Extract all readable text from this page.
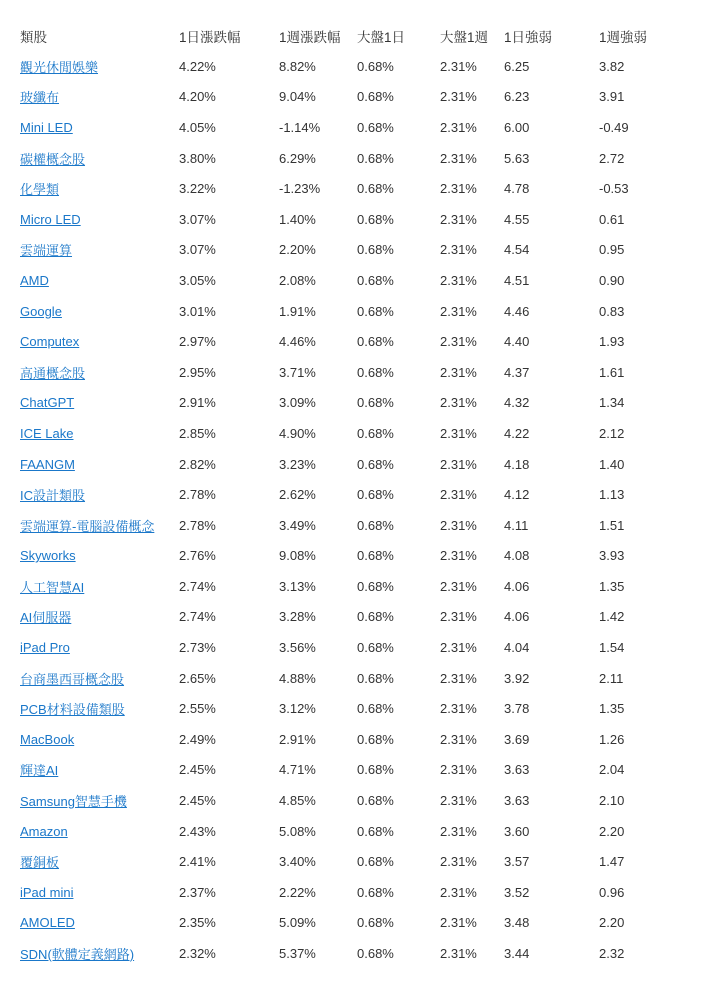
類股	1日漲跌幅	1週漲跌幅	大盤1日	大盤1週	1日強弱	1週強弱
觀光休閒娛樂	4.22%	8.82%	0.68%	2.31%	6.25	3.82
玻纖布	4.20%	9.04%	0.68%	2.31%	6.23	3.91
Mini LED	4.05%	-1.14%	0.68%	2.31%	6.00	-0.49
碳權概念股	3.80%	6.29%	0.68%	2.31%	5.63	2.72
化學類	3.22%	-1.23%	0.68%	2.31%	4.78	-0.53
Micro LED	3.07%	1.40%	0.68%	2.31%	4.55	0.61
雲端運算	3.07%	2.20%	0.68%	2.31%	4.54	0.95
AMD	3.05%	2.08%	0.68%	2.31%	4.51	0.90
Google	3.01%	1.91%	0.68%	2.31%	4.46	0.83
Computex	2.97%	4.46%	0.68%	2.31%	4.40	1.93
高通概念股	2.95%	3.71%	0.68%	2.31%	4.37	1.61
ChatGPT	2.91%	3.09%	0.68%	2.31%	4.32	1.34
ICE Lake	2.85%	4.90%	0.68%	2.31%	4.22	2.12
FAANGM	2.82%	3.23%	0.68%	2.31%	4.18	1.40
IC設計類股	2.78%	2.62%	0.68%	2.31%	4.12	1.13
雲端運算-電腦設備概念	2.78%	3.49%	0.68%	2.31%	4.11	1.51
Skyworks	2.76%	9.08%	0.68%	2.31%	4.08	3.93
人工智慧AI	2.74%	3.13%	0.68%	2.31%	4.06	1.35
AI伺服器	2.74%	3.28%	0.68%	2.31%	4.06	1.42
iPad Pro	2.73%	3.56%	0.68%	2.31%	4.04	1.54
台商墨西哥概念股	2.65%	4.88%	0.68%	2.31%	3.92	2.11
PCB材料設備類股	2.55%	3.12%	0.68%	2.31%	3.78	1.35
MacBook	2.49%	2.91%	0.68%	2.31%	3.69	1.26
輝達AI	2.45%	4.71%	0.68%	2.31%	3.63	2.04
Samsung智慧手機	2.45%	4.85%	0.68%	2.31%	3.63	2.10
Amazon	2.43%	5.08%	0.68%	2.31%	3.60	2.20
覆銅板	2.41%	3.40%	0.68%	2.31%	3.57	1.47
iPad mini	2.37%	2.22%	0.68%	2.31%	3.52	0.96
AMOLED	2.35%	5.09%	0.68%	2.31%	3.48	2.20
SDN(軟體定義網路)	2.32%	5.37%	0.68%	2.31%	3.44	2.32
